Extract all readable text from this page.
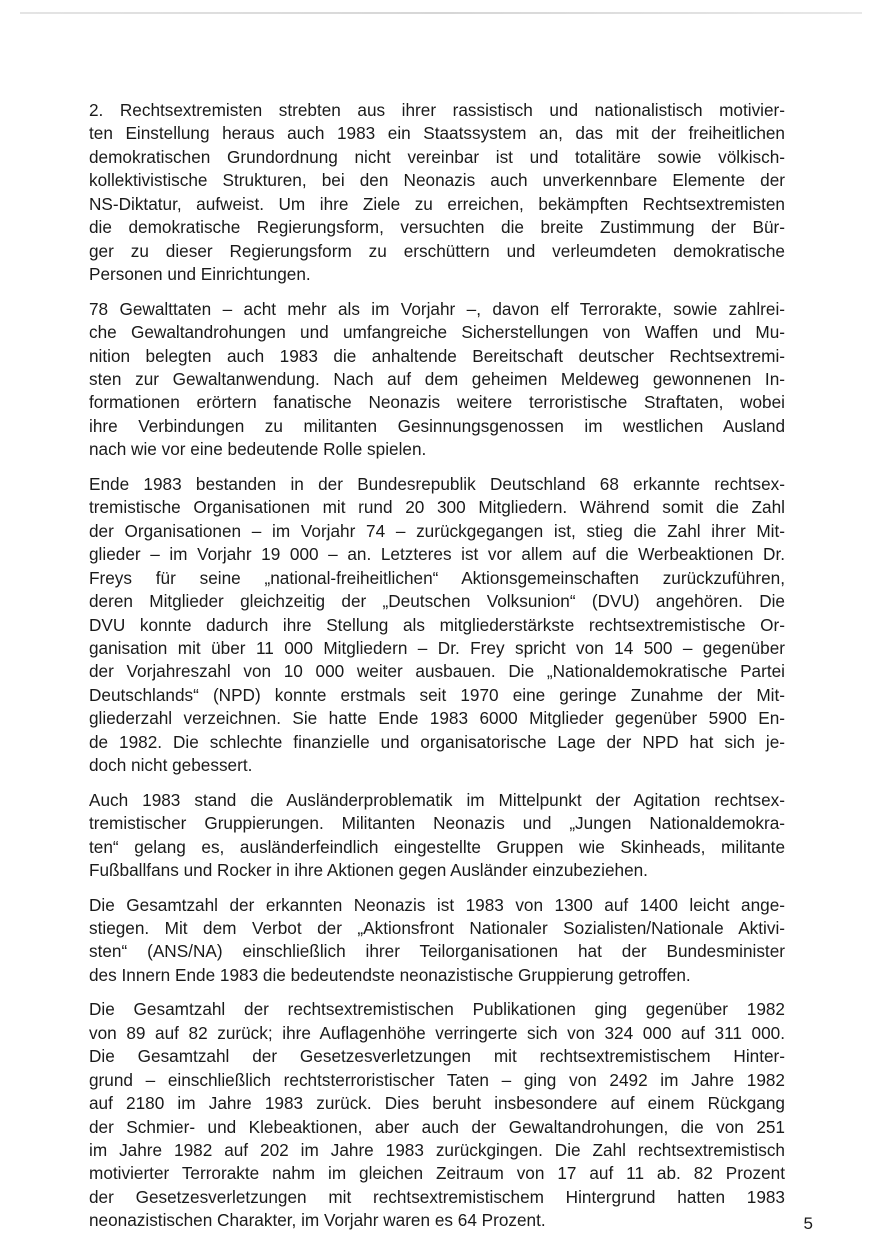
2. Rechtsextremisten strebten aus ihrer rassistisch und nationalistisch motivier-
ten Einstellung heraus auch 1983 ein Staatssystem an, das mit der freiheitlichen
demokratischen Grundordnung nicht vereinbar ist und totalitäre sowie völkisch-
kollektivistische Strukturen, bei den Neonazis auch unverkennbare Elemente der
NS-Diktatur, aufweist. Um ihre Ziele zu erreichen, bekämpften Rechtsextremisten
die demokratische Regierungsform, versuchten die breite Zustimmung der Bür-
ger zu dieser Regierungsform zu erschüttern und verleumdeten demokratische
Personen und Einrichtungen.

78 Gewalttaten – acht mehr als im Vorjahr –, davon elf Terrorakte, sowie zahlrei-
che Gewaltandrohungen und umfangreiche Sicherstellungen von Waffen und Mu-
nition belegten auch 1983 die anhaltende Bereitschaft deutscher Rechtsextremi-
sten zur Gewaltanwendung. Nach auf dem geheimen Meldeweg gewonnenen In-
formationen erörtern fanatische Neonazis weitere terroristische Straftaten, wobei
ihre Verbindungen zu militanten Gesinnungsgenossen im westlichen Ausland
nach wie vor eine bedeutende Rolle spielen.

Ende 1983 bestanden in der Bundesrepublik Deutschland 68 erkannte rechtsex-
tremistische Organisationen mit rund 20 300 Mitgliedern. Während somit die Zahl
der Organisationen – im Vorjahr 74 – zurückgegangen ist, stieg die Zahl ihrer Mit-
glieder – im Vorjahr 19 000 – an. Letzteres ist vor allem auf die Werbeaktionen Dr.
Freys für seine „national-freiheitlichen“ Aktionsgemeinschaften zurückzuführen,
deren Mitglieder gleichzeitig der „Deutschen Volksunion“ (DVU) angehören. Die
DVU konnte dadurch ihre Stellung als mitgliederstärkste rechtsextremistische Or-
ganisation mit über 11 000 Mitgliedern – Dr. Frey spricht von 14 500 – gegenüber
der Vorjahreszahl von 10 000 weiter ausbauen. Die „Nationaldemokratische Partei
Deutschlands“ (NPD) konnte erstmals seit 1970 eine geringe Zunahme der Mit-
gliederzahl verzeichnen. Sie hatte Ende 1983 6000 Mitglieder gegenüber 5900 En-
de 1982. Die schlechte finanzielle und organisatorische Lage der NPD hat sich je-
doch nicht gebessert.

Auch 1983 stand die Ausländerproblematik im Mittelpunkt der Agitation rechtsex-
tremistischer Gruppierungen. Militanten Neonazis und „Jungen Nationaldemokra-
ten“ gelang es, ausländerfeindlich eingestellte Gruppen wie Skinheads, militante
Fußballfans und Rocker in ihre Aktionen gegen Ausländer einzubeziehen.

Die Gesamtzahl der erkannten Neonazis ist 1983 von 1300 auf 1400 leicht ange-
stiegen. Mit dem Verbot der „Aktionsfront Nationaler Sozialisten/Nationale Aktivi-
sten“ (ANS/NA) einschließlich ihrer Teilorganisationen hat der Bundesminister
des Innern Ende 1983 die bedeutendste neonazistische Gruppierung getroffen.

Die Gesamtzahl der rechtsextremistischen Publikationen ging gegenüber 1982
von 89 auf 82 zurück; ihre Auflagenhöhe verringerte sich von 324 000 auf 311 000.
Die Gesamtzahl der Gesetzesverletzungen mit rechtsextremistischem Hinter-
grund – einschließlich rechtsterroristischer Taten – ging von 2492 im Jahre 1982
auf 2180 im Jahre 1983 zurück. Dies beruht insbesondere auf einem Rückgang
der Schmier- und Klebeaktionen, aber auch der Gewaltandrohungen, die von 251
im Jahre 1982 auf 202 im Jahre 1983 zurückgingen. Die Zahl rechtsextremistisch
motivierter Terrorakte nahm im gleichen Zeitraum von 17 auf 11 ab. 82 Prozent
der Gesetzesverletzungen mit rechtsextremistischem Hintergrund hatten 1983
neonazistischen Charakter, im Vorjahr waren es 64 Prozent.	5
